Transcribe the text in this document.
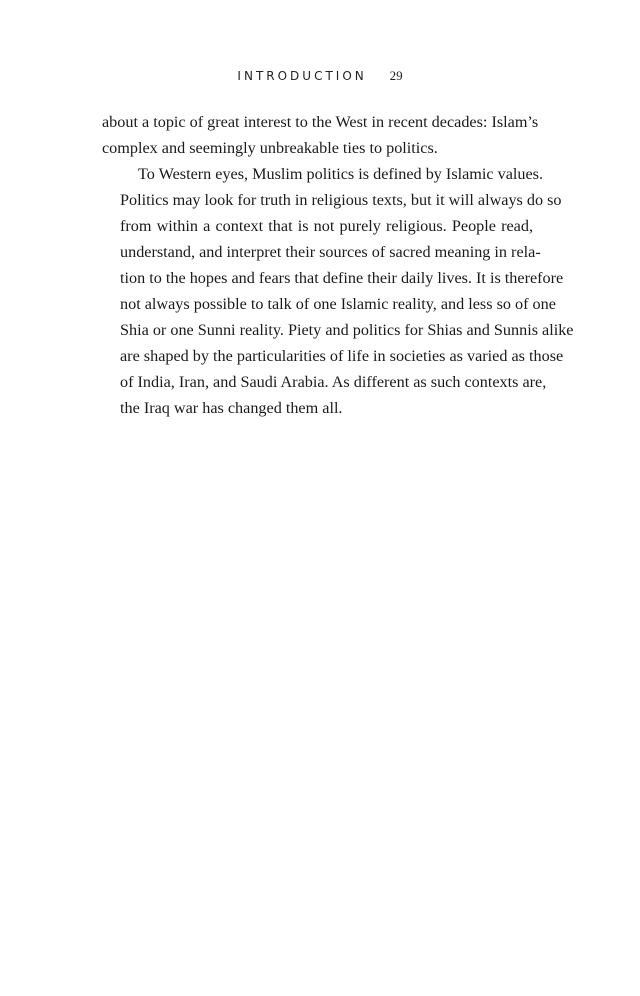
INTRODUCTION 29

about a topic of great interest to the West in recent decades: Islam’s
complex and seemingly unbreakable ties to politics.

To Western eyes, Muslim politics is defined by Islamic values.
Politics may look for truth in religious texts, but it will always do so
from within a context that is not purely religious. People read,
understand, and interpret their sources of sacred meaning in rela-
tion to the hopes and fears that define their daily lives. It is therefore
not always possible to talk of one Islamic reality, and less so of one
Shia or one Sunni reality. Piety and politics for Shias and Sunnis alike
are shaped by the particularities of life in societies as varied as those
of India, Iran, and Saudi Arabia. As different as such contexts are,
the Iraq war has changed them all.
